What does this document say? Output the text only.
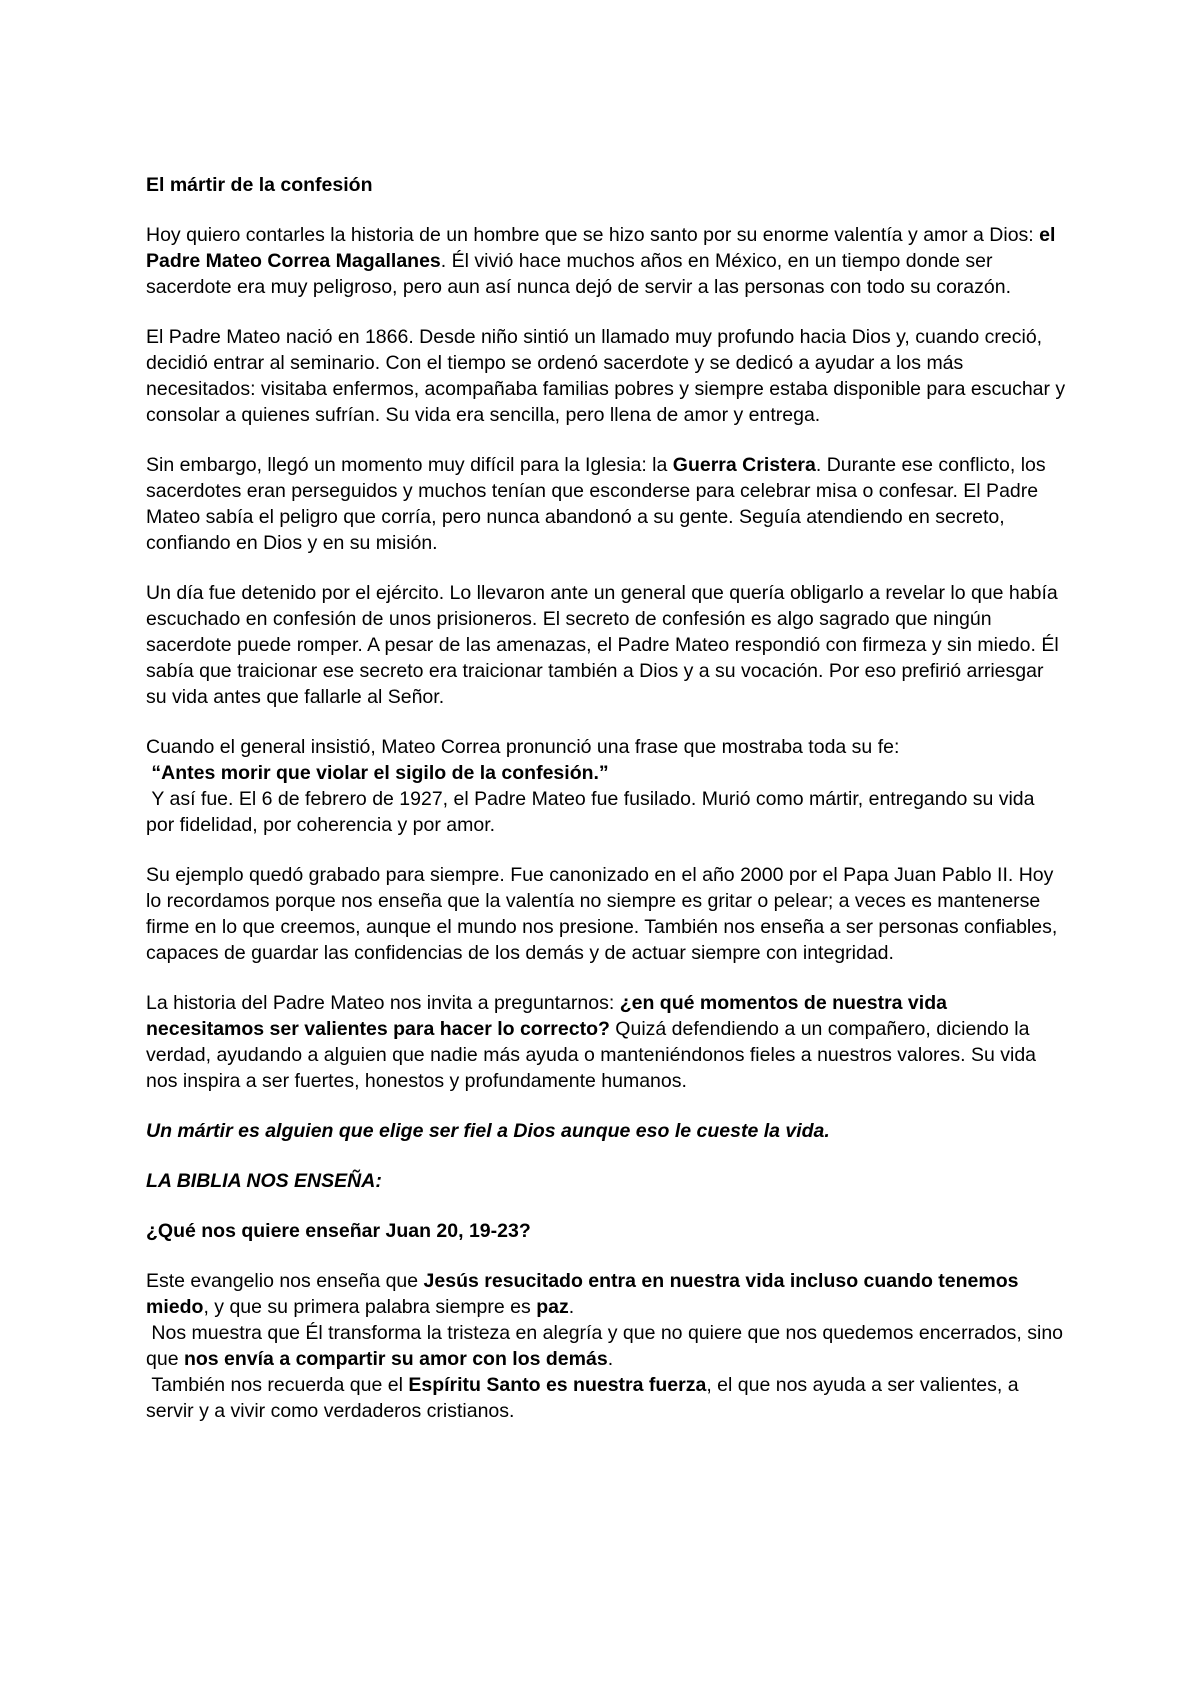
El mártir de la confesión

Hoy quiero contarles la historia de un hombre que se hizo santo por su enorme valentía y amor a Dios: el Padre Mateo Correa Magallanes. Él vivió hace muchos años en México, en un tiempo donde ser sacerdote era muy peligroso, pero aun así nunca dejó de servir a las personas con todo su corazón.

El Padre Mateo nació en 1866. Desde niño sintió un llamado muy profundo hacia Dios y, cuando creció, decidió entrar al seminario. Con el tiempo se ordenó sacerdote y se dedicó a ayudar a los más necesitados: visitaba enfermos, acompañaba familias pobres y siempre estaba disponible para escuchar y consolar a quienes sufrían. Su vida era sencilla, pero llena de amor y entrega.

Sin embargo, llegó un momento muy difícil para la Iglesia: la Guerra Cristera. Durante ese conflicto, los sacerdotes eran perseguidos y muchos tenían que esconderse para celebrar misa o confesar. El Padre Mateo sabía el peligro que corría, pero nunca abandonó a su gente. Seguía atendiendo en secreto, confiando en Dios y en su misión.

Un día fue detenido por el ejército. Lo llevaron ante un general que quería obligarlo a revelar lo que había escuchado en confesión de unos prisioneros. El secreto de confesión es algo sagrado que ningún sacerdote puede romper. A pesar de las amenazas, el Padre Mateo respondió con firmeza y sin miedo. Él sabía que traicionar ese secreto era traicionar también a Dios y a su vocación. Por eso prefirió arriesgar su vida antes que fallarle al Señor.

Cuando el general insistió, Mateo Correa pronunció una frase que mostraba toda su fe:
“Antes morir que violar el sigilo de la confesión.”
Y así fue. El 6 de febrero de 1927, el Padre Mateo fue fusilado. Murió como mártir, entregando su vida por fidelidad, por coherencia y por amor.

Su ejemplo quedó grabado para siempre. Fue canonizado en el año 2000 por el Papa Juan Pablo II. Hoy lo recordamos porque nos enseña que la valentía no siempre es gritar o pelear; a veces es mantenerse firme en lo que creemos, aunque el mundo nos presione. También nos enseña a ser personas confiables, capaces de guardar las confidencias de los demás y de actuar siempre con integridad.

La historia del Padre Mateo nos invita a preguntarnos: ¿en qué momentos de nuestra vida necesitamos ser valientes para hacer lo correcto? Quizá defendiendo a un compañero, diciendo la verdad, ayudando a alguien que nadie más ayuda o manteniéndonos fieles a nuestros valores. Su vida nos inspira a ser fuertes, honestos y profundamente humanos.

Un mártir es alguien que elige ser fiel a Dios aunque eso le cueste la vida.

LA BIBLIA NOS ENSEÑA:

¿Qué nos quiere enseñar Juan 20, 19-23?

Este evangelio nos enseña que Jesús resucitado entra en nuestra vida incluso cuando tenemos miedo, y que su primera palabra siempre es paz.

Nos muestra que Él transforma la tristeza en alegría y que no quiere que nos quedemos encerrados, sino que nos envía a compartir su amor con los demás.

También nos recuerda que el Espíritu Santo es nuestra fuerza, el que nos ayuda a ser valientes, a servir y a vivir como verdaderos cristianos.
